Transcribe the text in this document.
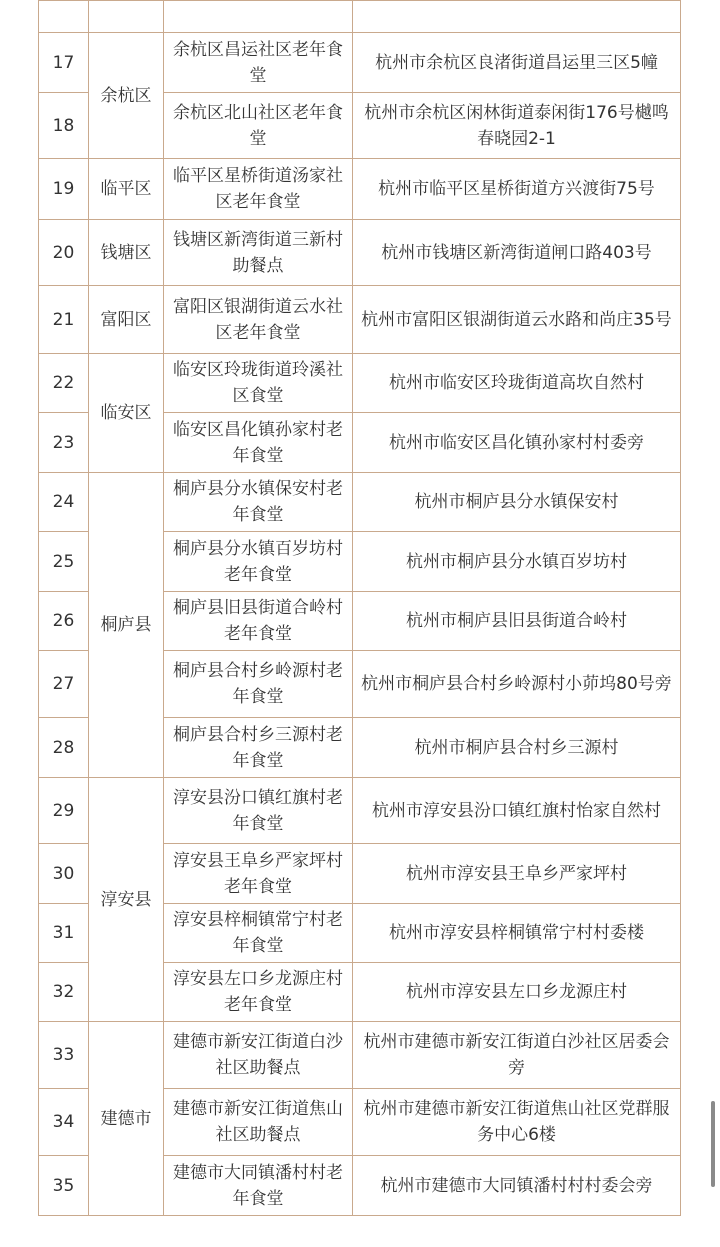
17	余杭区	余杭区昌运社区老年食堂	杭州市余杭区良渚街道昌运里三区5幢
18		余杭区北山社区老年食堂	杭州市余杭区闲林街道泰闲街176号樾鸣春晓园2-1
19	临平区	临平区星桥街道汤家社区老年食堂	杭州市临平区星桥街道方兴渡街75号
20	钱塘区	钱塘区新湾街道三新村助餐点	杭州市钱塘区新湾街道闸口路403号
21	富阳区	富阳区银湖街道云水社区老年食堂	杭州市富阳区银湖街道云水路和尚庄35号
22	临安区	临安区玲珑街道玲溪社区食堂	杭州市临安区玲珑街道高坎自然村
23		临安区昌化镇孙家村老年食堂	杭州市临安区昌化镇孙家村村委旁
24	桐庐县	桐庐县分水镇保安村老年食堂	杭州市桐庐县分水镇保安村
25		桐庐县分水镇百岁坊村老年食堂	杭州市桐庐县分水镇百岁坊村
26		桐庐县旧县街道合岭村老年食堂	杭州市桐庐县旧县街道合岭村
27		桐庐县合村乡岭源村老年食堂	杭州市桐庐县合村乡岭源村小茆坞80号旁
28		桐庐县合村乡三源村老年食堂	杭州市桐庐县合村乡三源村
29	淳安县	淳安县汾口镇红旗村老年食堂	杭州市淳安县汾口镇红旗村怡家自然村
30		淳安县王阜乡严家坪村老年食堂	杭州市淳安县王阜乡严家坪村
31		淳安县梓桐镇常宁村老年食堂	杭州市淳安县梓桐镇常宁村村委楼
32		淳安县左口乡龙源庄村老年食堂	杭州市淳安县左口乡龙源庄村
33	建德市	建德市新安江街道白沙社区助餐点	杭州市建德市新安江街道白沙社区居委会旁
34		建德市新安江街道焦山社区助餐点	杭州市建德市新安江街道焦山社区党群服务中心6楼
35		建德市大同镇潘村村老年食堂	杭州市建德市大同镇潘村村村委会旁
